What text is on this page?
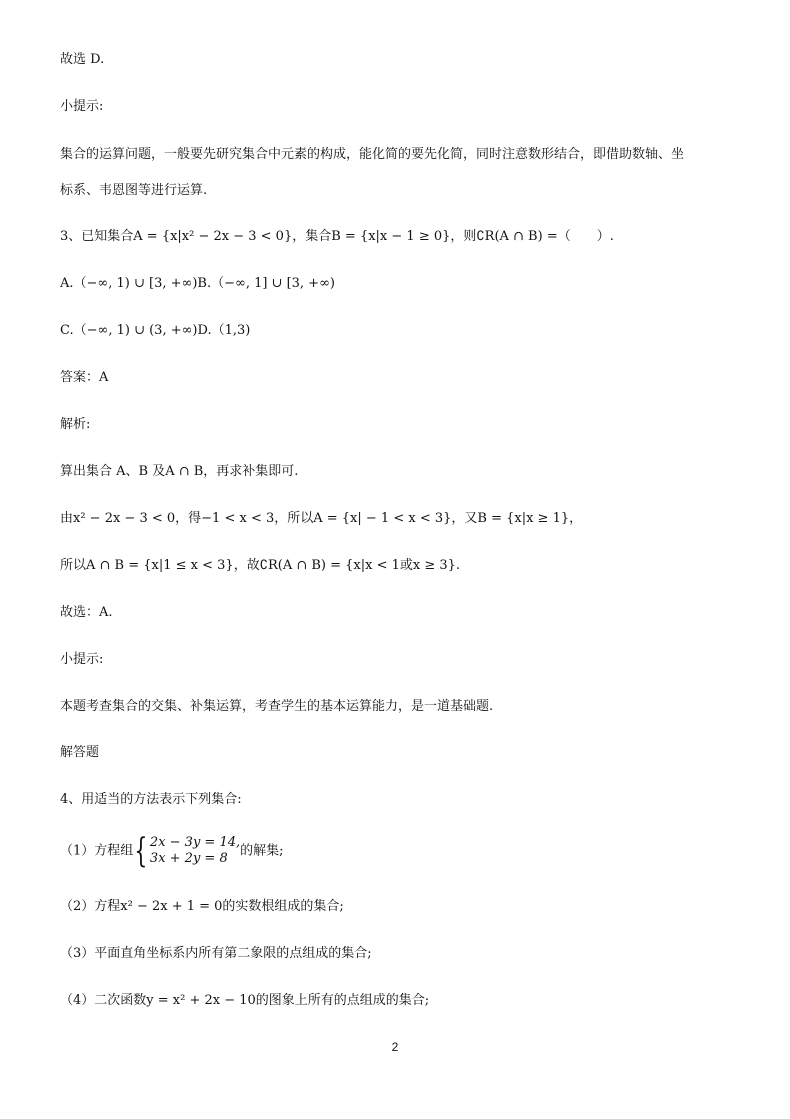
故选 D.
小提示:
集合的运算问题，一般要先研究集合中元素的构成，能化简的要先化简，同时注意数形结合，即借助数轴、坐
标系、韦恩图等进行运算.
3、已知集合A = {x|x² − 2x − 3 < 0}，集合B = {x|x − 1 ≥ 0}，则∁R(A ∩ B) =（　　）.
A.（−∞, 1) ∪ [3, +∞)B.（−∞, 1] ∪ [3, +∞)
C.（−∞, 1) ∪ (3, +∞)D.（1,3)
答案：A
解析:
算出集合 A、B 及A ∩ B，再求补集即可.
由x² − 2x − 3 < 0，得−1 < x < 3，所以A = {x| − 1 < x < 3}，又B = {x|x ≥ 1}，
所以A ∩ B = {x|1 ≤ x < 3}，故∁R(A ∩ B) = {x|x < 1或x ≥ 3}.
故选：A.
小提示:
本题考查集合的交集、补集运算，考查学生的基本运算能力，是一道基础题.
解答题
4、用适当的方法表示下列集合:
（1）方程组 { 2x − 3y = 14,
3x + 2y = 8 的解集;
（2）方程x² − 2x + 1 = 0的实数根组成的集合;
（3）平面直角坐标系内所有第二象限的点组成的集合;
（4）二次函数y = x² + 2x − 10的图象上所有的点组成的集合;
2
